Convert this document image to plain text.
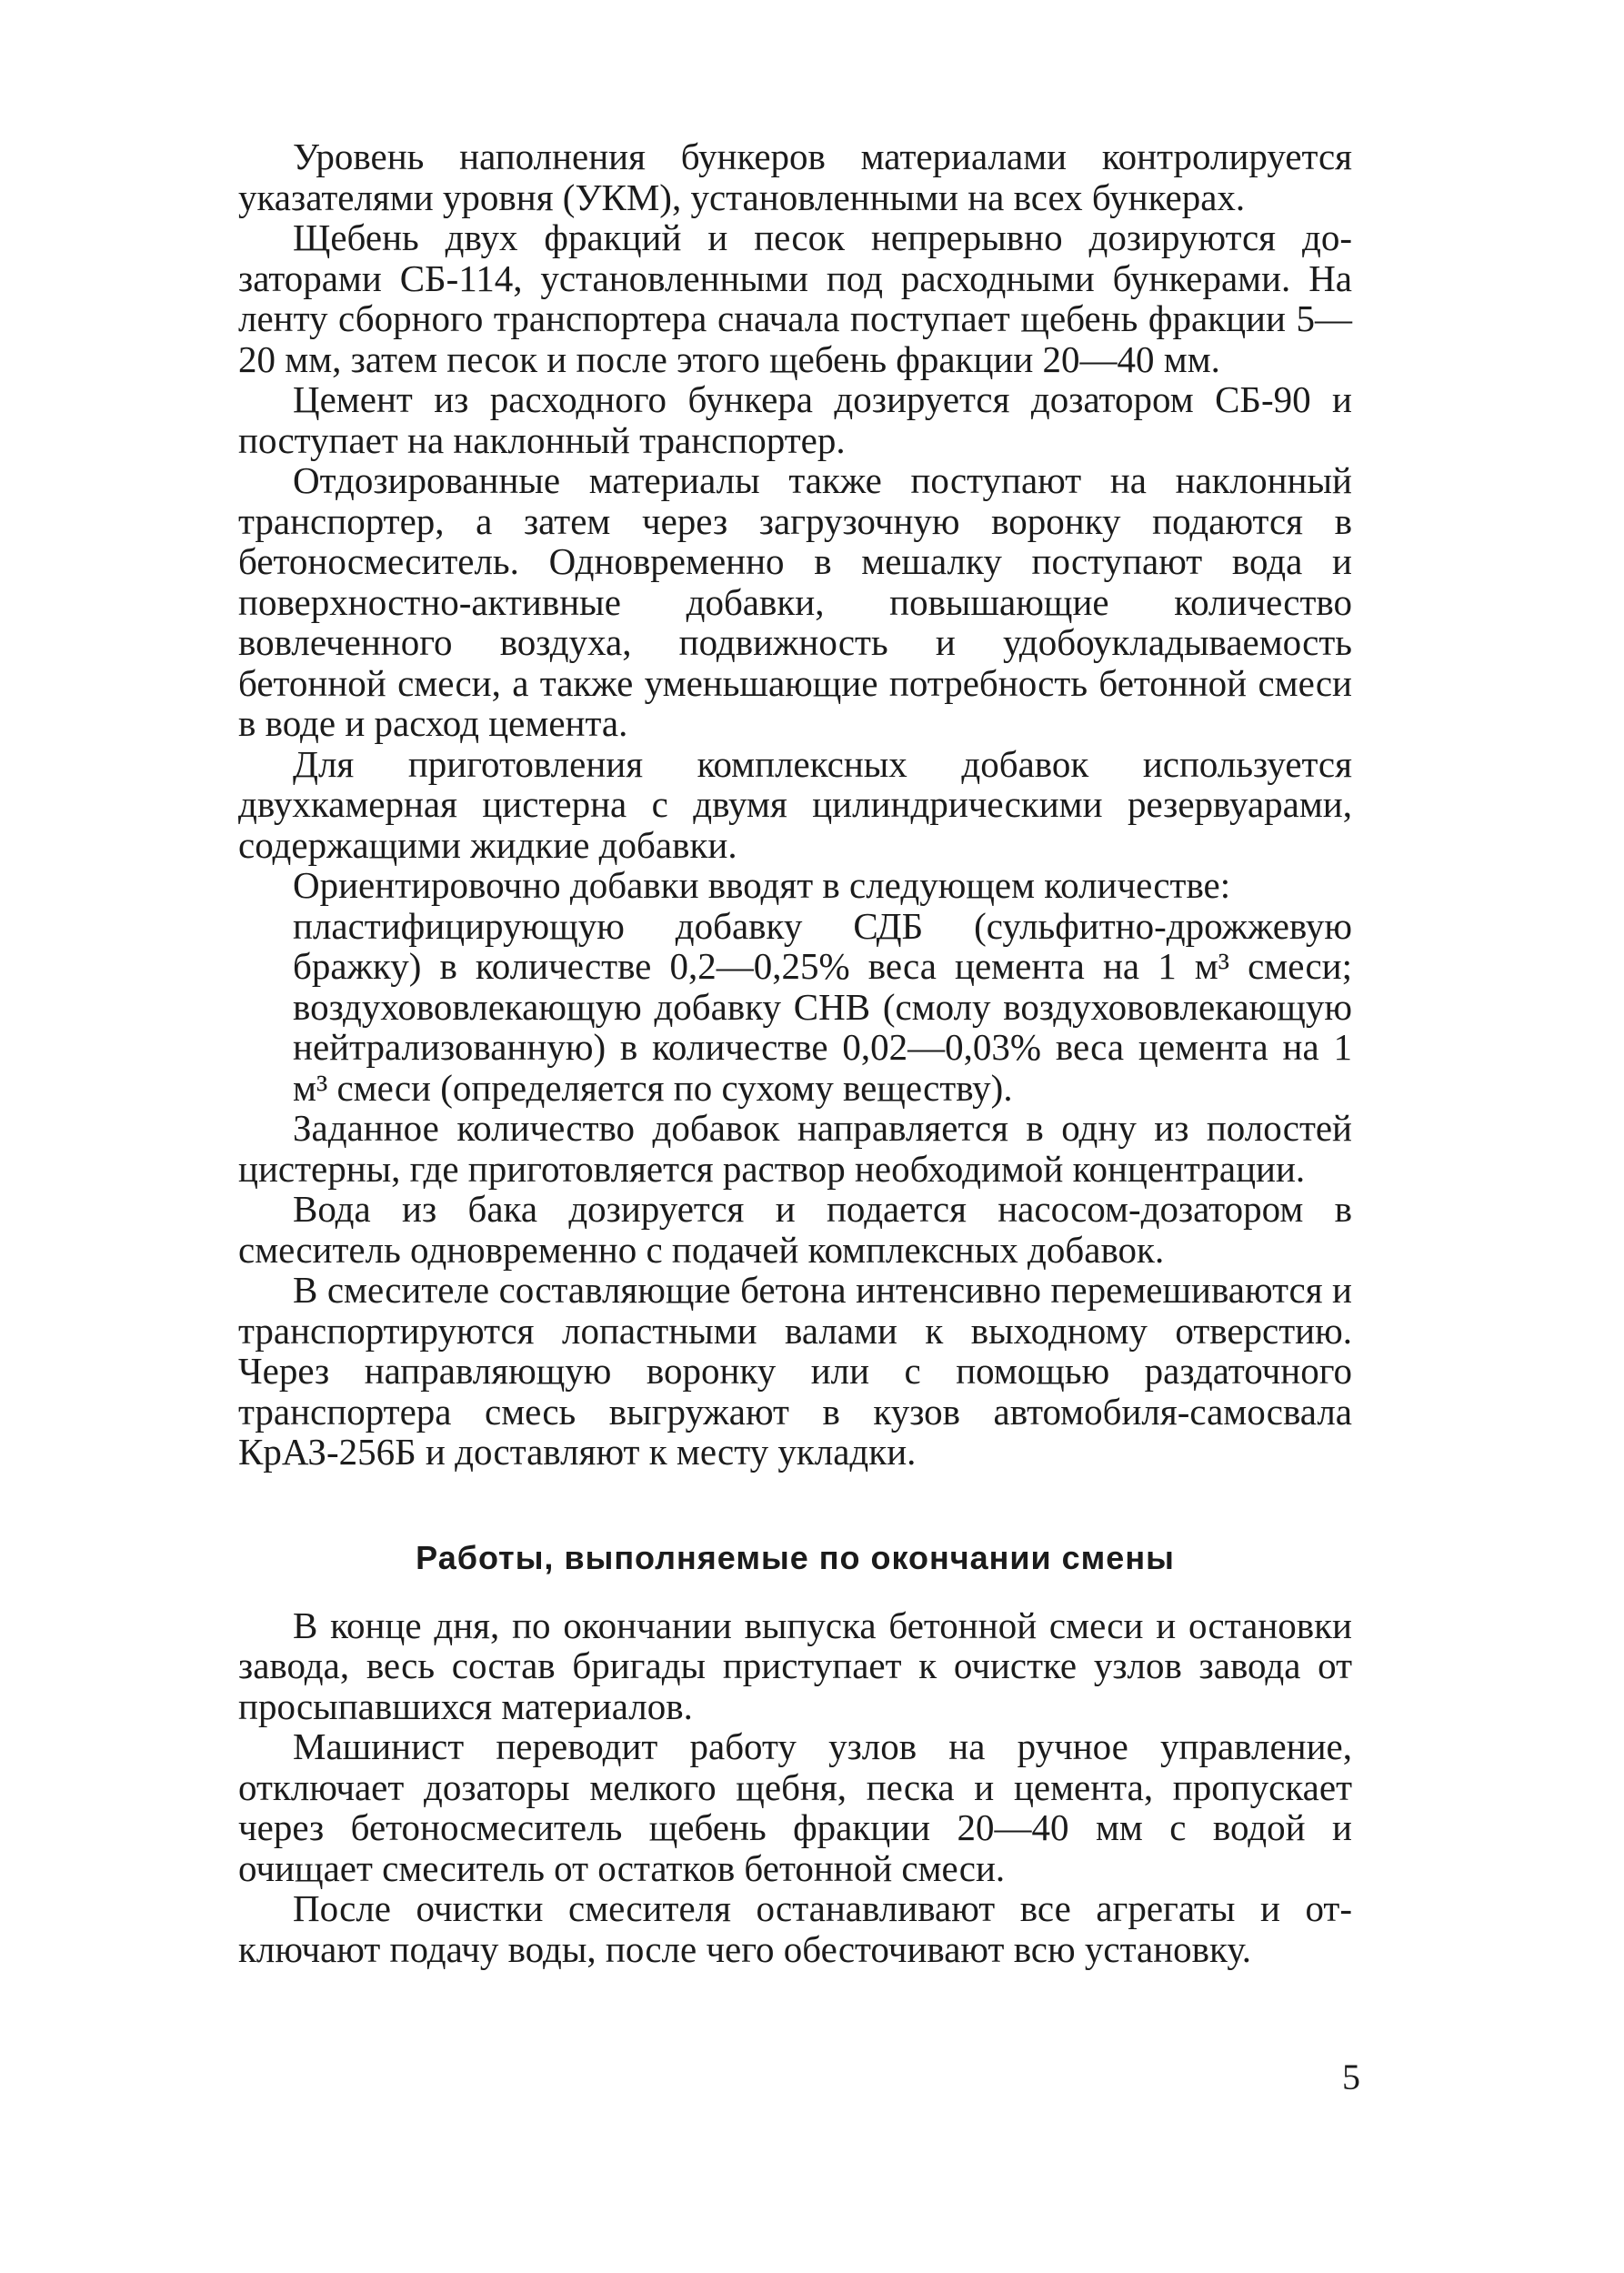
Уровень наполнения бункеров материалами контролируется указателями уровня (УКМ), установленными на всех бункерах.

Щебень двух фракций и песок непрерывно дозируются дозаторами СБ-114, установленными под расходными бункерами. На ленту сборного транспортера сначала поступает щебень фракции 5—20 мм, затем песок и после этого щебень фракции 20—40 мм.

Цемент из расходного бункера дозируется дозатором СБ-90 и поступает на наклонный транспортер.

Отдозированные материалы также поступают на наклонный транспортер, а затем через загрузочную воронку подаются в бетоносмеситель. Одновременно в мешалку поступают вода и поверхностно-активные добавки, повышающие количество вовлеченного воздуха, подвижность и удобоукладываемость бетонной смеси, а также уменьшающие потребность бетонной смеси в воде и расход цемента.

Для приготовления комплексных добавок используется двухкамерная цистерна с двумя цилиндрическими резервуарами, содержащими жидкие добавки.

Ориентировочно добавки вводят в следующем количестве:

пластифицирующую добавку СДБ (сульфитно-дрожжевую бражку) в количестве 0,2—0,25% веса цемента на 1 м³ смеси; воздухововлекающую добавку СНВ (смолу воздухововлекающую нейтрализованную) в количестве 0,02—0,03% веса цемента на 1 м³ смеси (определяется по сухому веществу).

Заданное количество добавок направляется в одну из полостей цистерны, где приготовляется раствор необходимой концентрации.

Вода из бака дозируется и подается насосом-дозатором в смеситель одновременно с подачей комплексных добавок.

В смесителе составляющие бетона интенсивно перемешиваются и транспортируются лопастными валами к выходному отверстию. Через направляющую воронку или с помощью раздаточного транспортера смесь выгружают в кузов автомобиля-самосвала КрАЗ-256Б и доставляют к месту укладки.

Работы, выполняемые по окончании смены

В конце дня, по окончании выпуска бетонной смеси и остановки завода, весь состав бригады приступает к очистке узлов завода от просыпавшихся материалов.

Машинист переводит работу узлов на ручное управление, отключает дозаторы мелкого щебня, песка и цемента, пропускает через бетоносмеситель щебень фракции 20—40 мм с водой и очищает смеситель от остатков бетонной смеси.

После очистки смесителя останавливают все агрегаты и отключают подачу воды, после чего обесточивают всю установку.

5
